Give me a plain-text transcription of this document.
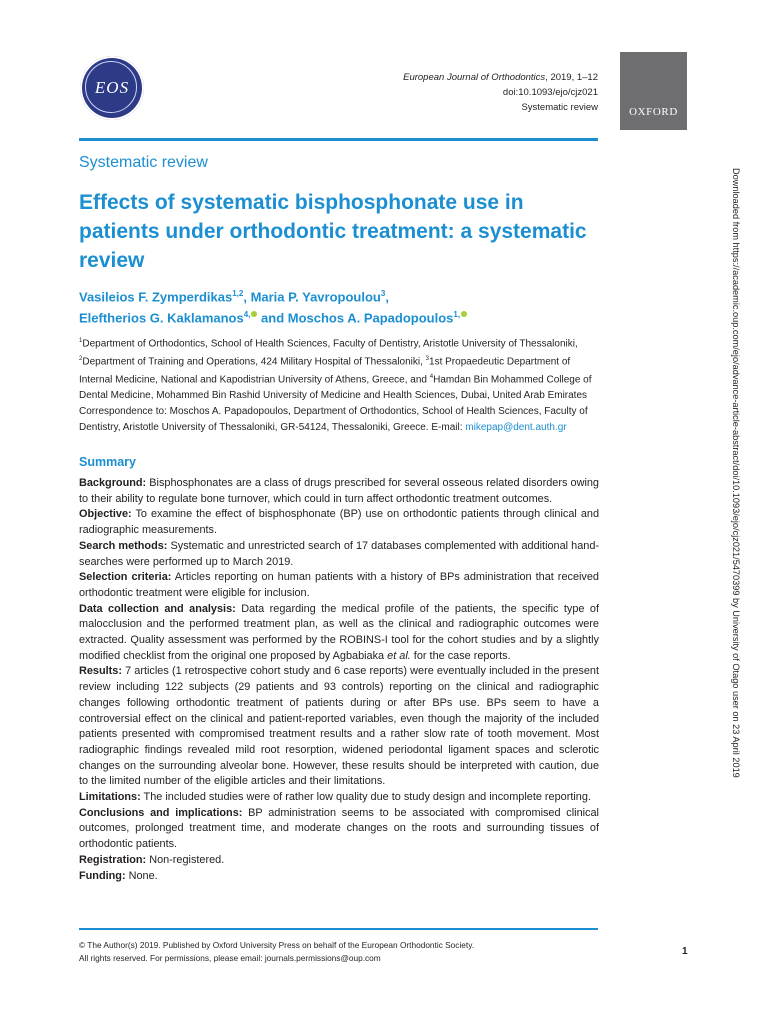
EOS
European Journal of Orthodontics, 2019, 1–12
doi:10.1093/ejo/cjz021
Systematic review	OXFORD
Systematic review
Effects of systematic bisphosphonate use in patients under orthodontic treatment: a systematic review
Vasileios F. Zymperdikas$^{1,2}$, Maria P. Yavropoulou$^3$,
Eleftherios G. Kaklamanos$^{4,}$ and Moschos A. Papadopoulos$^{1,}$
$^1$Department of Orthodontics, School of Health Sciences, Faculty of Dentistry, Aristotle University of Thessaloniki, $^2$Department of Training and Operations, 424 Military Hospital of Thessaloniki, $^3$1st Propaedeutic Department of Internal Medicine, National and Kapodistrian University of Athens, Greece, and $^4$Hamdan Bin Mohammed College of Dental Medicine, Mohammed Bin Rashid University of Medicine and Health Sciences, Dubai, United Arab Emirates
Correspondence to: Moschos A. Papadopoulos, Department of Orthodontics, School of Health Sciences, Faculty of Dentistry, Aristotle University of Thessaloniki, GR-54124, Thessaloniki, Greece. E-mail: mikepap@dent.auth.gr
Summary

Background: Bisphosphonates are a class of drugs prescribed for several osseous related disorders owing to their ability to regulate bone turnover, which could in turn affect orthodontic treatment outcomes.

Objective: To examine the effect of bisphosphonate (BP) use on orthodontic patients through clinical and radiographic measurements.

Search methods: Systematic and unrestricted search of 17 databases complemented with additional hand-searches were performed up to March 2019.

Selection criteria: Articles reporting on human patients with a history of BPs administration that received orthodontic treatment were eligible for inclusion.

Data collection and analysis: Data regarding the medical profile of the patients, the specific type of malocclusion and the performed treatment plan, as well as the clinical and radiographic outcomes were extracted. Quality assessment was performed by the ROBINS-I tool for the cohort studies and by a slightly modified checklist from the original one proposed by Agbabiaka et al. for the case reports.

Results: 7 articles (1 retrospective cohort study and 6 case reports) were eventually included in the present review including 122 subjects (29 patients and 93 controls) reporting on the clinical and radiographic changes following orthodontic treatment of patients during or after BPs use. BPs seem to have a controversial effect on the clinical and patient-reported variables, even though the majority of the included patients presented with compromised treatment results and a rather slow rate of tooth movement. Most radiographic findings revealed mild root resorption, widened periodontal ligament spaces and sclerotic changes on the surrounding alveolar bone. However, these results should be interpreted with caution, due to the limited number of the eligible articles and their limitations.

Limitations: The included studies were of rather low quality due to study design and incomplete reporting.

Conclusions and implications: BP administration seems to be associated with compromised clinical outcomes, prolonged treatment time, and moderate changes on the roots and surrounding tissues of orthodontic patients.

Registration: Non-registered.

Funding: None.

© The Author(s) 2019. Published by Oxford University Press on behalf of the European Orthodontic Society.
All rights reserved. For permissions, please email: journals.permissions@oup.com
1
Downloaded from https://academic.oup.com/ejo/advance-article-abstract/doi/10.1093/ejo/cjz021/5470399 by University of Otago user on 23 April 2019
